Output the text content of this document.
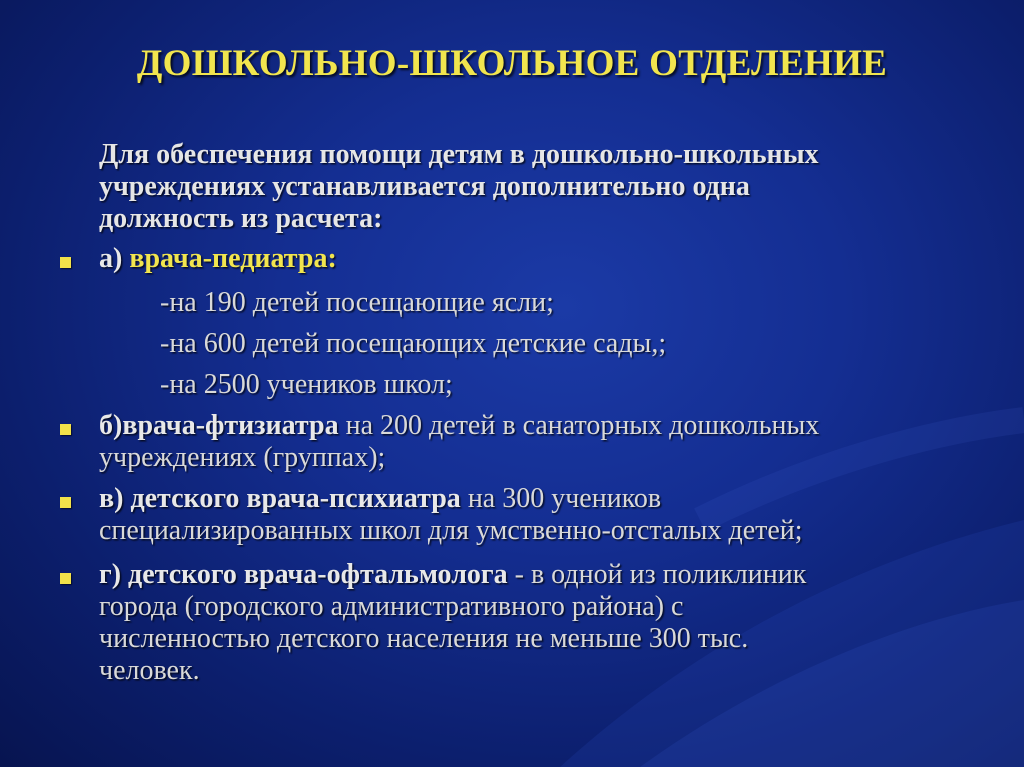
ДОШКОЛЬНО-ШКОЛЬНОЕ ОТДЕЛЕНИЕ
Для обеспечения помощи детям в дошкольно-школьных
учреждениях устанавливается дополнительно одна
должность из расчета:
а) врача-педиатра:
-на 190 детей посещающие ясли;
-на 600 детей посещающих детские сады,;
-на 2500 учеников школ;
б)врача-фтизиатра на 200 детей в санаторных дошкольных
учреждениях (группах);
в) детского врача-психиатра на 300 учеников
специализированных школ для умственно-отсталых детей;
г) детского врача-офтальмолога - в одной из поликлиник
города (городского административного района) с
численностью детского населения не меньше 300 тыс.
человек.
